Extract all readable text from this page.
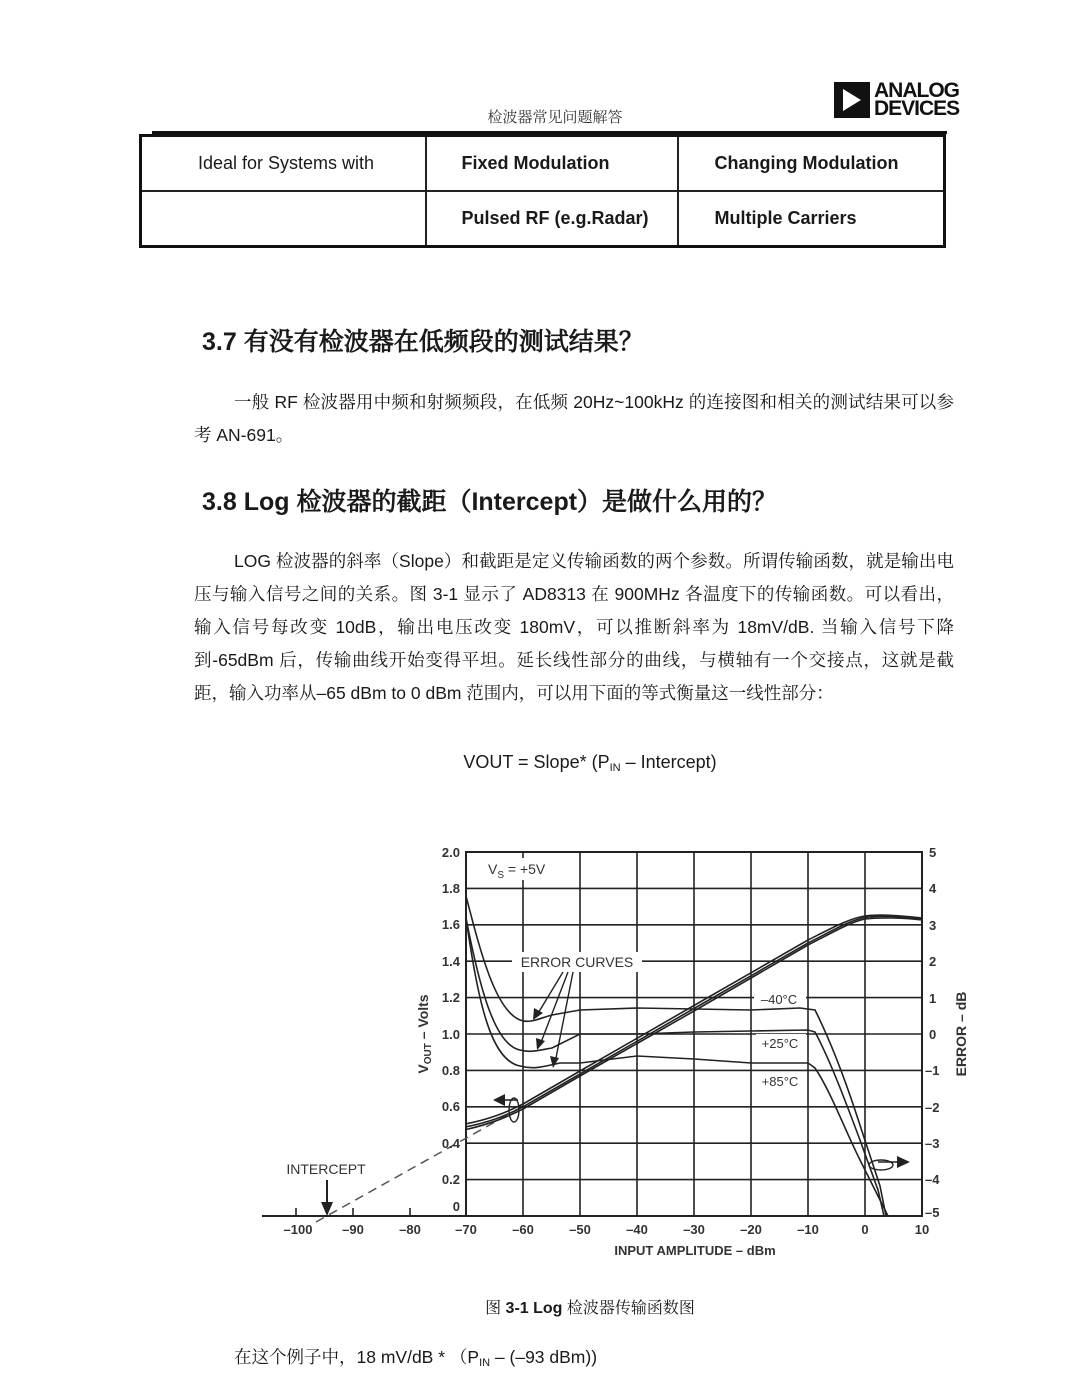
检波器常见问题解答
ANALOG
DEVICES
Ideal for Systems with	Fixed Modulation	Changing Modulation
	Pulsed RF (e.g.Radar)	Multiple Carriers
3.7 有没有检波器在低频段的测试结果？
一般 RF 检波器用中频和射频频段，在低频 20Hz~100kHz 的连接图和相关的测试结果可以参考 AN-691。
3.8 Log 检波器的截距（Intercept）是做什么用的？
LOG 检波器的斜率（Slope）和截距是定义传输函数的两个参数。所谓传输函数，就是输出电压与输入信号之间的关系。图 3-1 显示了 AD8313 在 900MHz 各温度下的传输函数。可以看出，输入信号每改变 10dB，输出电压改变 180mV，可以推断斜率为 18mV/dB. 当输入信号下降到-65dBm 后，传输曲线开始变得平坦。延长线性部分的曲线，与横轴有一个交接点，这就是截距，输入功率从–65 dBm to 0 dBm 范围内，可以用下面的等式衡量这一线性部分：
VOUT = Slope* ($P_{IN}$ – Intercept)
2.0
1.8
1.6
1.4
1.2
1.0
0.8
0.6
0.4
0.2
0
5
4
3
2
1
0
–1
–2
–3
–4
–5
–100 –90	–80	–70	–60	–50	–40	–30	–20	–10	0	10
INPUT AMPLITUDE – dBm
ERROR CURVES
–40°C
+25°C
+85°C
INTERCEPT
$V_S = +5V$
$V_{OUT}$ – Volts	ERROR – dB
图 3-1 Log 检波器传输函数图
在这个例子中，18 $mV/dB * (P_{IN} - (-93$ dBm))
